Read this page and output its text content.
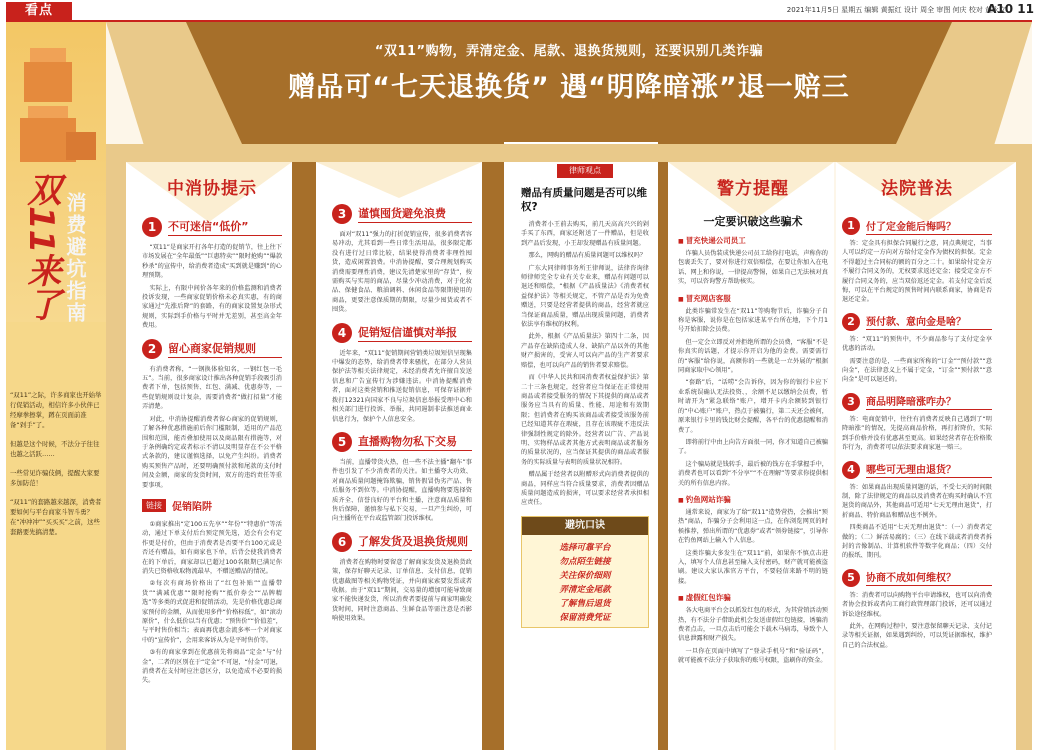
看点	2021年11月5日 星期五 编辑 黄振红 设计 周全 审图 何庆 校对 黄永文
A10 11
双11来了 消费避坑指南

“双11”之际，许多商家也开始举行促销活动，相信许多小伙伴已经摩拳擦掌，蹲在页面前准备“剁手”了。

但越是这个时候，不法分子往往也越之活跃……

一些常见诈骗伎俩，提醒大家要多加防范！

“双11”的套路越来越深，消费者要如何与平台商家斗智斗勇？在“冲冲冲”“买买买”之前，这些套路要先搞清楚。

“双11”购物，弄清定金、尾款、退换货规则，还要识别几类诈骗
赠品可“七天退换货” 遇“明降暗涨”退一赔三
中消协提示
1	不可迷信“低价”

“双11”是商家开打各年打造的促销节，往上往下市场发展在“全年最低”“巨惠特卖”“限时抢购”“爆款秒杀”的宣传中，给消费者造成“买到就是赚到”的心理预期。

实际上，有限中间价各年来的价格监测和消费者投诉发现，一些商家促销价格未必真实惠，有的商家通过“先涨后降”的套路，有的商家设置复杂形式规则，实际到手价格与平时并无差别，甚至高金年费用。

2	留心商家促销规则

有消费者称，“一钢换体验知名，一钢红包一毛五”。当前，很多商家设计推出各种促销手段吸引消费者下单，包括预售、红包、满减、优惠券等，一些促销规则设计复杂，需要消费者“做打招量”才能弄清楚。

对此，中消协提醒消费者留心商家的促销规则，了解各种优惠措施前后你门槛限制，适用的产品范围和范围，能否叠加使用以及商品限有措施等，对于条例确约定或者标示不清以及明显存在不公平格式条款的，建议谨慎选择，以免产生纠纷。消费者购买预售产品时，还要明确预付款和尾款的支付时间及金额，商家的发货时间，双方的违约责任等重要事项。

链接	促销陷阱

①商家推出“定100五先享”“年份”“特惠价”等活动，通过下单支付后台预定预先选，适会有会有定作更是付价，但由于消费者是否要平台100元或是否还有赠品，如有商家也下单，后背会使我消费者在的下单后，商家却以已超过100名限期已满足你消失已资格收取物流最早，不赠送赠品的情况。

②每次有商场价格出了“红包补贴”“直播带货”“满减优惠”“限时抢购”“抵价券会”“品牌精选”等多类的式促进和促销活动，先是价格优惠总商家预付的金额，从而使用多件“价格标低”，如“滚动原价”，什么低价以当有优惠；“预售价”“价值差”，与平时售价相当；表面再优惠金流多率一个对商家中的“宣传价”，会用来客诉从为是平时售价等。

③有的商家拿到在优惠前先将商品“定金”与“付金”，二者的区别在于“定金”不可退，“付金”可退，消费者在支付时应注意区分，以免造成不必要的损失。

3	谨慎囤货避免浪费

面对“双11”强力的打折促销宣传，很多消费者容易冲动，尤其看到一些日常生活用品，很多限定都没有进行过日常比较，结果使得消费者非理性囤货，造成闲置浪费。中消协提醒，要合理规划购买消费需要理性消费，建议先清楚家里的“存货”，按需购买与实用的商品，尽量少冲动消费，对于化妆品、保健食品、粮油调料、休闲食品等限期使用的商品，更要注意保质期的期限，尽量少囤货或者不囤货。

4	促销短信谨慎对举报

近年来，“双11”促销期间营销类垃圾短信呈现集中爆发的态势，给消费者带来骚扰，在部分人营员保护法等相关法律规定，未经消费者允许擅自发送信息和广告宣传行为涉嫌违法。中消协提醒消费者，面对这类营销和推送促销信息，可保存证据并拨打12321向国家不良与垃圾信息举报受理中心和相关部门进行投诉、举报，共同遏制非法推送商业信息行为，保护个人信息安全。

5	直播购物勿私下交易

当前，直播带货火热，但一些不法主播“翻车”事件也引发了不少消费者的关注。如主播夸大功效、对商品质量问题掩饰欺骗，销售假冒伪劣产品、售后服务不到位等。中消协提醒，直播购物要选择资质齐全、信誉良好的平台和主播，注意商品质量和售后保障，谨慎参与私下交易，一旦产生纠纷，可向主播所在平台或监管部门投诉维权。

6	了解发货及退换货规则

消费者在购物时要留意了解商家发货及退换货政策，保存好聊天记录、订单信息、支付信息，促销优惠截图等相关购物凭证，并向商家索要发票或者收据。由于“双11”期间，交易量的增加可能导致商家不能快递发货，所以消费者要提前与商家明确发货时间，同时注意商品、生鲜食品等需注意是否影响使用效果。

律师观点
赠品有质量问题是否可以维权?

消费者小王前去购买，前几天高高兴兴的剁手买了东西，商家还附送了一件赠品，但是收到产品后发现，小王却发现赠品有质量问题。

那么，网购的赠品有质量问题可以维权吗？

广东大同律师事务所王律师说，法律咨询律师律师完全专业有关专业来，赠品有问题可以退还和赔偿，“根据《产品质量法》《消费者权益保护法》等相关规定，不管产品是否为免费赠送，只要是经营者提供的商品，经营者就应当保证商品质量，赠品出现质量问题，消费者依法享有维权的权利。

此外，根据《产品质量法》第四十二条，因产品存在缺陷造成人身、缺陷产品以外的其他财产损害的，受害人可以向产品的生产者要求赔偿，也可以向产品的销售者要求赔偿。

而《中华人民共和国消费者权益保护法》第二十三条也规定，经营者应当保证在正常使用商品或者接受服务的情况下其提供的商品或者服务应当具有的质量、性能、用途和有效期限；但消费者在购买该商品或者接受该服务前已经知道其存在瑕疵，且存在该瑕疵不违反法律强制性规定的除外。经营者以广告、产品说明、实物样品或者其他方式表明商品或者服务的质量状况的，应当保证其提供的商品或者服务的实际质量与表明的质量状况相符。

赠品属于经营者以附赠形式向消费者提供的商品，同样应当符合质量要求，消费者因赠品质量问题造成的损害，可以要求经营者承担相应责任。

避坑口诀
选择可靠平台
勿点陌生链接
关注保价细则
弄清定金尾款
了解售后退货
保留消费凭证
警方提醒
一定要识破这些骗术
■ 冒充快递公司员工

诈骗人员伪装成快递公司员工给你打电话，声称你的包裹丢失了，要对你进行双倍赔偿，在要让你加入在电话、网上和你说，一律提高警惕，如果自己无法核对真实，可以咨询警方帮助核实。

■ 冒充网店客服

此类诈骗常发生在“双11”等购物节后，诈骗分子自称是客服，说你是在包括家进某平台所在地，下个月1号开始扣除会员费。

但一定会立即反对并拒绝所谓的会员费，“客服”不是你真实的话题，才提示你开启为他的金费。需要需行的“客服”给你说，高额你的一些就是一立外展的“根据同商家取中心领用”。

“套路”后，“话唠”会告诉你，因为你的银行卡应下业系统误确认无法投资、，余额不足以缴纳会员费，暂时请开为“紧急联络”账户，增开卡内余额转到银行的“中心账户”账户，热点于被骗行，第二天还会被何，原来银行卡里的钱比财会提醒，各平台的优惠提醒和消费了。

即将前行中由上向告方面很一同，你才知道自己被骗了。

这个骗局就是钱转手，最后被的钱方在手掌握手中，消费者也可以看到“不分享”“不在理解”等要求你提供相关的所有信息内容。

■ 钓鱼网站诈骗

通常来说，商家为了给“双11”造势营热，会推出“预热”商品，诈骗分子会利用这一点，在你浏览网页的时候推荐，弹出所谓的“优惠券”或者“领券链接”，引导你在钓鱼网站上输入个人信息。

这类诈骗大多发生在“双11”前，如果你不慎点击进入，填写个人信息甚至输入支付密码，财产就可能被盗刷。建议大家认准官方平台，不要轻信来路不明的链接。

■ 虚假红包诈骗

各大电商平台会以抓发红包的形式，为其营销活动预热，有不法分子借助此机会发送虚假红包链接，诱骗消费者点击，一旦点击后可能会下载木马病毒，导致个人信息泄露和财产损失。

一旦你在页面中填写了“登录手机号”和“验证码”，就可能被不法分子获取你的账号权限，盗刷你的资金。

法院普法
1	付了定金能后悔吗？

答：定金具有担保合同履行之意，同点典规定，当事人可以约定一方向对方给付定金作为债权的担保。定金不得超过主合同标的额的百分之二十。如果给付定金方不履行合同义务的，无权要求返还定金；接受定金方不履行合同义务的，应当双倍返还定金。若支付定金后反悔，可以在平台规定的预售时间内联系商家，协商是否退还定金。

2	预付款、意向金是啥？

答：“双11”的预售中，不少商品参与了支付定金享优惠的活动。

需要注意的是，一些商家所称的“订金”“预付款”“意向金”，在法律意义上不属于定金，“订金”“预付款”“意向金”是可以退还的。

3	商品明降暗涨咋办？

答：电商促销中，往往有消费者反映自己遇到了“明降暗涨”的情况，先提高商品价格，再打折降价，实际到手价格并没有优惠甚至更高。如果经营者存在价格欺诈行为，消费者可以依法要求商家退一赔三。

4	哪些可无理由退货？

答：如果商品出现质量问题的话，不受七天的时间限制，除了法律规定的商品以及消费者在购买时确认不宜退货的商品外，其他商品可适用“七天无理由退货”，打折商品、特价商品和赠品也不例外。

四类商品不适用“七天无理由退货”：（一）消费者定做的；（二）鲜活易腐的；（三）在线下载或者消费者拆封的音像制品、计算机软件等数字化商品；（四）交付的报纸、期刊。

5	协商不成如何维权？

答：消费者可以向购物平台申请维权，也可以向消费者协会投诉或者向工商行政管理部门投诉，还可以通过诉讼途径维权。

此外，在网购过程中，要注意保留聊天记录、支付记录等相关证据，如果遇到纠纷，可以凭证据维权，维护自己的合法权益。
